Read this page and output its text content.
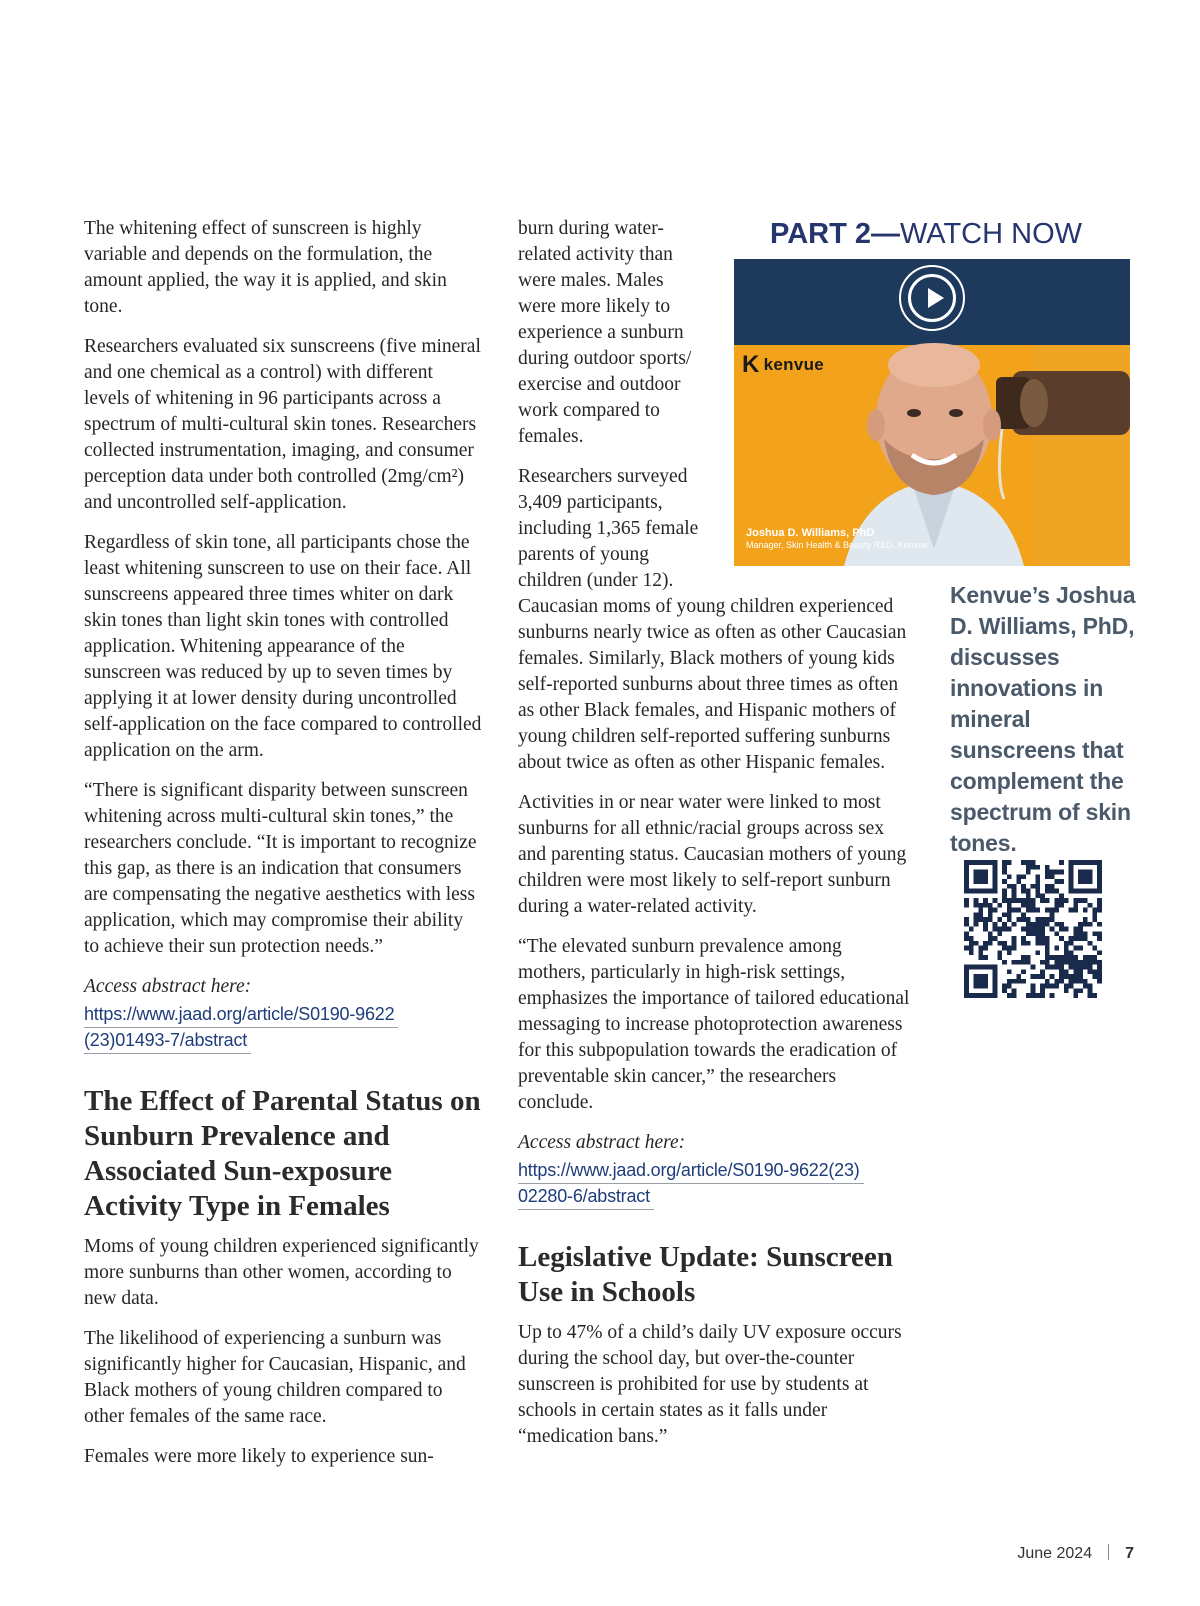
The whitening effect of sunscreen is highly variable and depends on the formulation, the amount applied, the way it is applied, and skin tone.

Researchers evaluated six sunscreens (five mineral and one chemical as a control) with different levels of whitening in 96 participants across a spectrum of multi-cultural skin tones. Researchers collected instrumentation, imaging, and consumer perception data under both controlled (2mg/cm²) and uncontrolled self-application.

Regardless of skin tone, all participants chose the least whitening sunscreen to use on their face. All sunscreens appeared three times whiter on dark skin tones than light skin tones with controlled application. Whitening appearance of the sunscreen was reduced by up to seven times by applying it at lower density during uncontrolled self-application on the face compared to controlled application on the arm.

“There is significant disparity between sunscreen whitening across multi-cultural skin tones,” the researchers conclude. “It is important to recognize this gap, as there is an indication that consumers are compensating the negative aesthetics with less application, which may compromise their ability to achieve their sun protection needs.”

Access abstract here:

https://www.jaad.org/article/S0190-9622
(23)01493-7/abstract
The Effect of Parental Status on Sunburn Prevalence and Associated Sun-exposure Activity Type in Females

Moms of young children experienced significantly more sunburns than other women, according to new data.

The likelihood of experiencing a sunburn was significantly higher for Caucasian, Hispanic, and Black mothers of young children compared to other females of the same race.

Females were more likely to experience sun-

burn during water-related activity than were males. Males were more likely to experience a sunburn during outdoor sports/ exercise and outdoor work compared to females.

Researchers surveyed 3,409 participants, including 1,365 female parents of young children (under 12).

Caucasian moms of young children experienced sunburns nearly twice as often as other Caucasian females. Similarly, Black mothers of young kids self-reported sunburns about three times as often as other Black females, and Hispanic mothers of young children self-reported suffering sunburns about twice as often as other Hispanic females.

Activities in or near water were linked to most sunburns for all ethnic/racial groups across sex and parenting status. Caucasian mothers of young children were most likely to self-report sunburn during a water-related activity.

“The elevated sunburn prevalence among mothers, particularly in high-risk settings, emphasizes the importance of tailored educational messaging to increase photoprotection awareness for this subpopulation towards the eradication of preventable skin cancer,” the researchers conclude.

Access abstract here:

https://www.jaad.org/article/S0190-9622(23)
02280-6/abstract
Legislative Update: Sunscreen Use in Schools

Up to 47% of a child’s daily UV exposure occurs during the school day, but over-the-counter sunscreen is prohibited for use by students at schools in certain states as it falls under “medication bans.”

PART 2—WATCH NOW
K kenvue
Joshua D. Williams, PhD
Manager, Skin Health & Beauty R&D, Kenvue
Kenvue’s Joshua D. Williams, PhD, discusses innovations in mineral sunscreens that complement the spectrum of skin tones.
June 2024 7
